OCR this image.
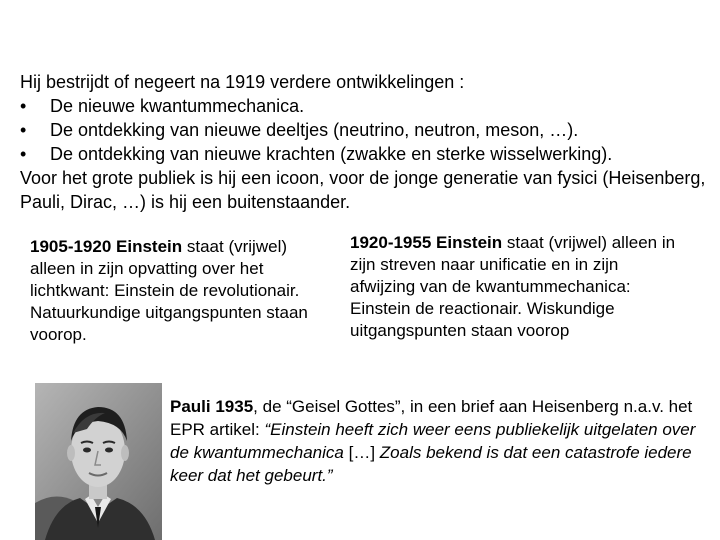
Hij bestrijdt of negeert na 1919 verdere ontwikkelingen :

• De nieuwe kwantummechanica.
• De ontdekking van nieuwe deeltjes (neutrino, neutron, meson, …).
• De ontdekking van nieuwe krachten (zwakke en sterke wisselwerking).

Voor het grote publiek is hij een icoon, voor de jonge generatie van fysici (Heisenberg, Pauli, Dirac, …) is hij een buitenstaander.

1905-1920 Einstein staat (vrijwel) alleen in zijn opvatting over het lichtkwant: Einstein de revolutionair. Natuurkundige uitgangspunten staan voorop.
1920-1955 Einstein staat (vrijwel) alleen in zijn streven naar unificatie en in zijn afwijzing van de kwantummechanica: Einstein de reactionair. Wiskundige uitgangspunten staan voorop
Pauli 1935, de “Geisel Gottes”, in een brief aan Heisenberg n.a.v. het EPR artikel: “Einstein heeft zich weer eens publiekelijk uitgelaten over de kwantummechanica […] Zoals bekend is dat een catastrofe iedere keer dat het gebeurt.”
